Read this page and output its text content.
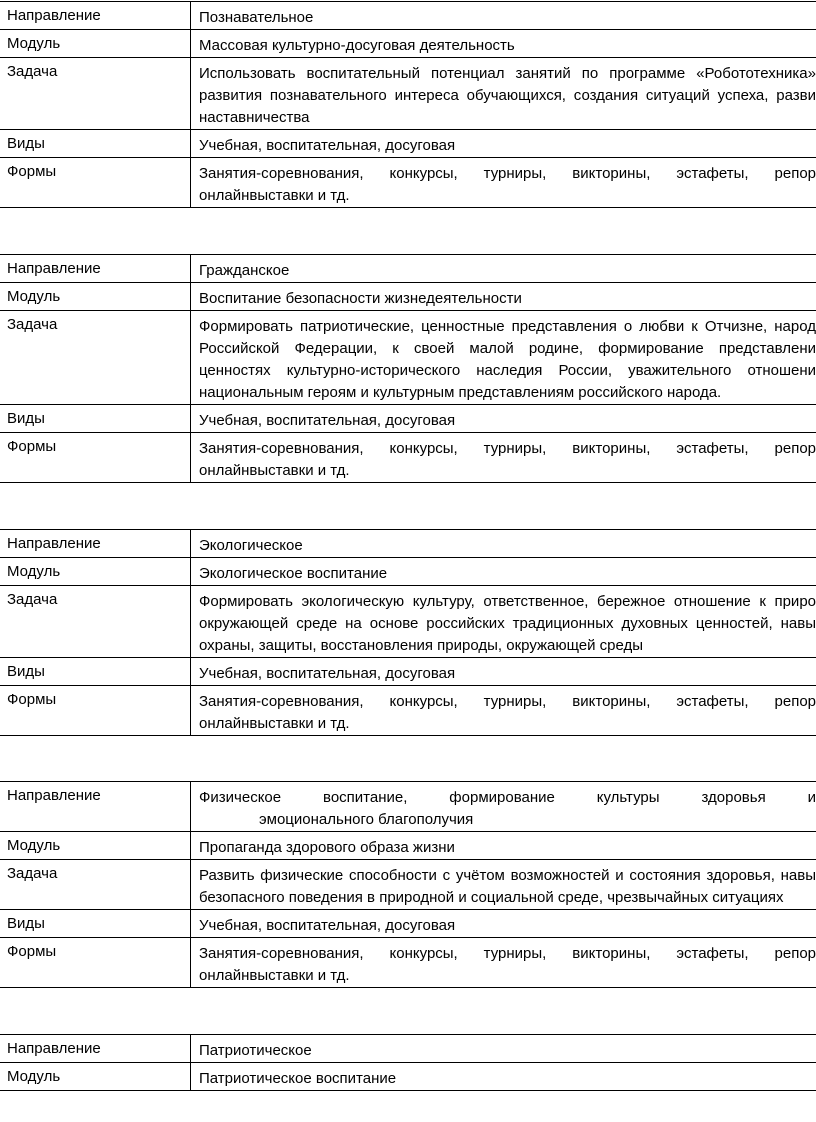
Направление	Познавательное
Модуль	Массовая культурно-досуговая деятельность
Задача	Использовать воспитательный потенциал занятий по программе «Робототехника»
развития познавательного интереса обучающихся, создания ситуаций успеха, разви
наставничества
Виды	Учебная, воспитательная, досуговая
Формы	Занятия-соревнования, конкурсы, турниры, викторины, эстафеты, репор
онлайнвыставки и тд.
Направление	Гражданское
Модуль	Воспитание безопасности жизнедеятельности
Задача	Формировать патриотические, ценностные представления о любви к Отчизне, народ
Российской Федерации, к своей малой родине, формирование представлени
ценностях культурно-исторического наследия России, уважительного отношени
национальным героям и культурным представлениям российского народа.
Виды	Учебная, воспитательная, досуговая
Формы	Занятия-соревнования, конкурсы, турниры, викторины, эстафеты, репор
онлайнвыставки и тд.
Направление	Экологическое
Модуль	Экологическое воспитание
Задача	Формировать экологическую культуру, ответственное, бережное отношение к приро
окружающей среде на основе российских традиционных духовных ценностей, навы
охраны, защиты, восстановления природы, окружающей среды
Виды	Учебная, воспитательная, досуговая
Формы	Занятия-соревнования, конкурсы, турниры, викторины, эстафеты, репор
онлайнвыставки и тд.
Направление	Физическое воспитание, формирование культуры здоровья и
эмоционального благополучия
Модуль	Пропаганда здорового образа жизни
Задача	Развить физические способности с учётом возможностей и состояния здоровья, навы
безопасного поведения в природной и социальной среде, чрезвычайных ситуациях
Виды	Учебная, воспитательная, досуговая
Формы	Занятия-соревнования, конкурсы, турниры, викторины, эстафеты, репор
онлайнвыставки и тд.
Направление	Патриотическое
Модуль	Патриотическое воспитание
